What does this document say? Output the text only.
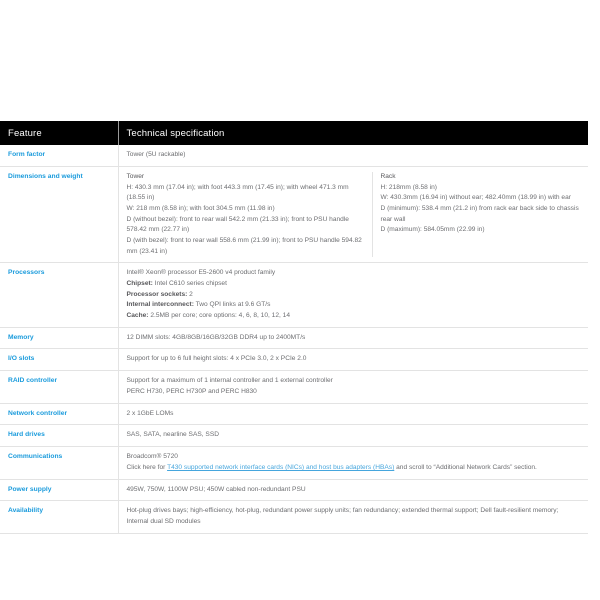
Feature	Technical specification
Form factor	Tower (5U rackable)

Dimensions and weight	Tower
H: 430.3 mm (17.04 in); with foot 443.3 mm (17.45 in); with wheel 471.3 mm (18.55 in)
W: 218 mm (8.58 in); with foot 304.5 mm (11.98 in)
D (without bezel): front to rear wall 542.2 mm (21.33 in); front to PSU handle 578.42 mm (22.77 in)
D (with bezel): front to rear wall 558.6 mm (21.99 in); front to PSU handle 594.82 mm (23.41 in)
Rack
H: 218mm (8.58 in)
W: 430.3mm (16.94 in) without ear; 482.40mm (18.99 in) with ear
D (minimum): 538.4 mm (21.2 in) from rack ear back side to chassis rear wall
D (maximum): 584.05mm (22.99 in)

Processors	Intel® Xeon® processor E5-2600 v4 product family
Chipset: Intel C610 series chipset
Processor sockets: 2
Internal interconnect: Two QPI links at 9.6 GT/s
Cache: 2.5MB per core; core options: 4, 6, 8, 10, 12, 14

Memory	12 DIMM slots: 4GB/8GB/16GB/32GB DDR4 up to 2400MT/s

I/O slots	Support for up to 6 full height slots: 4 x PCIe 3.0, 2 x PCIe 2.0

RAID controller	Support for a maximum of 1 internal controller and 1 external controller
PERC H730, PERC H730P and PERC H830

Network controller	2 x 1GbE LOMs

Hard drives	SAS, SATA, nearline SAS, SSD

Communications	Broadcom® 5720
Click here for T430 supported network interface cards (NICs) and host bus adapters (HBAs) and scroll to “Additional Network Cards” section.

Power supply	495W, 750W, 1100W PSU; 450W cabled non-redundant PSU

Availability	Hot-plug drives bays; high-efficiency, hot-plug, redundant power supply units; fan redundancy; extended thermal support; Dell fault-resilient memory; Internal dual SD modules
